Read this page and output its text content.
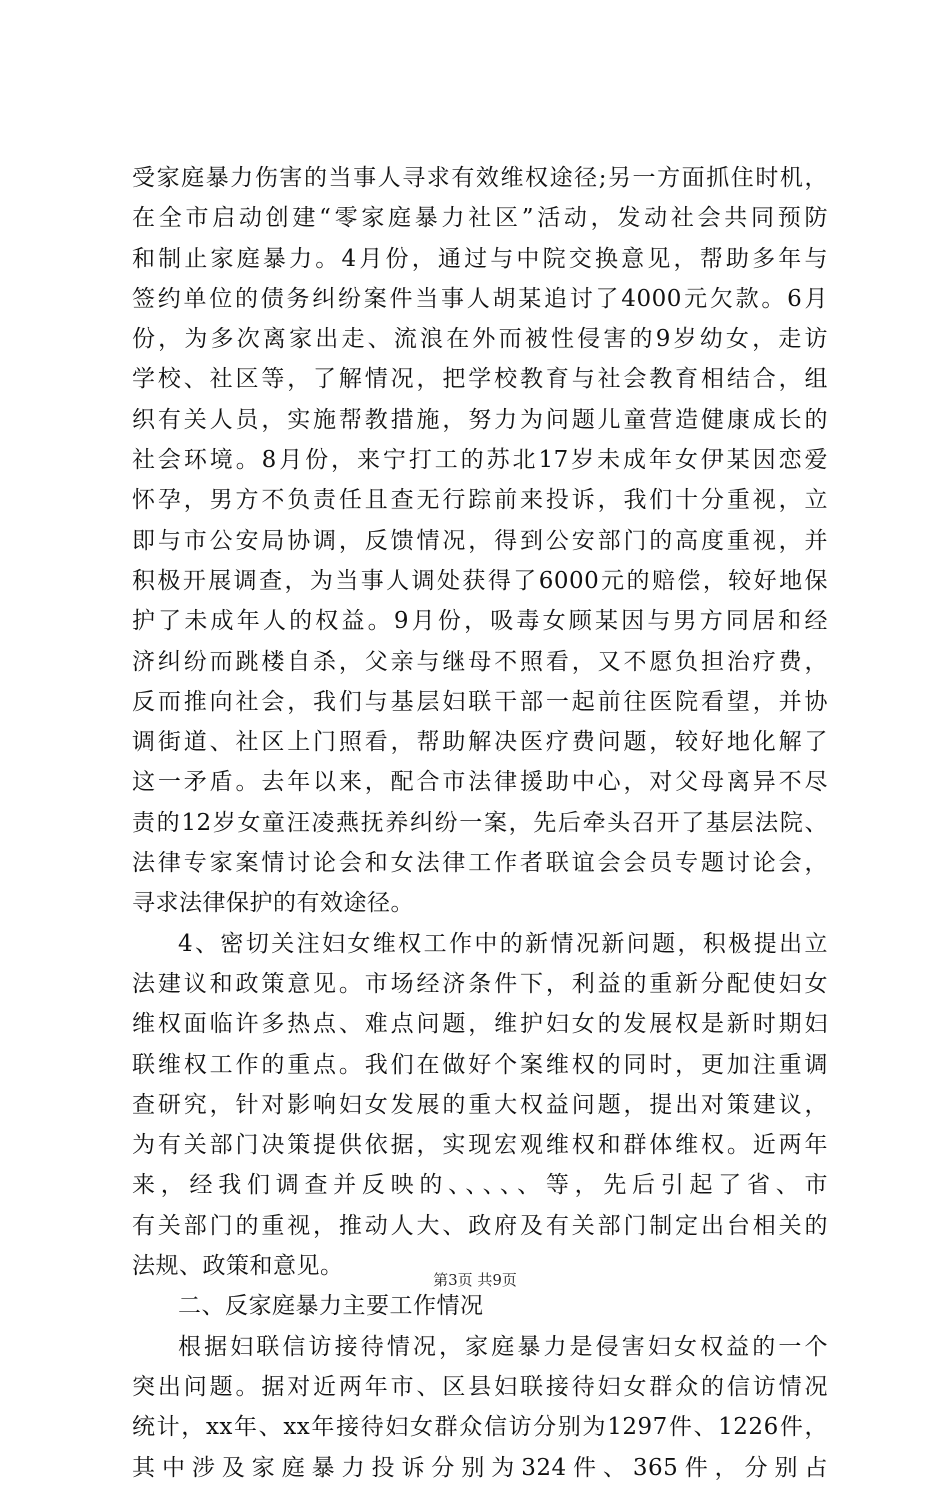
受家庭暴力伤害的当事人寻求有效维权途径;另一方面抓住时机，
在全市启动创建“零家庭暴力社区”活动，发动社会共同预防
和制止家庭暴力。4月份，通过与中院交换意见，帮助多年与
签约单位的债务纠纷案件当事人胡某追讨了4000元欠款。6月
份，为多次离家出走、流浪在外而被性侵害的9岁幼女，走访
学校、社区等，了解情况，把学校教育与社会教育相结合，组
织有关人员，实施帮教措施，努力为问题儿童营造健康成长的
社会环境。8月份，来宁打工的苏北17岁未成年女伊某因恋爱
怀孕，男方不负责任且查无行踪前来投诉，我们十分重视，立
即与市公安局协调，反馈情况，得到公安部门的高度重视，并
积极开展调查，为当事人调处获得了6000元的赔偿，较好地保
护了未成年人的权益。9月份，吸毒女顾某因与男方同居和经
济纠纷而跳楼自杀，父亲与继母不照看，又不愿负担治疗费，
反而推向社会，我们与基层妇联干部一起前往医院看望，并协
调街道、社区上门照看，帮助解决医疗费问题，较好地化解了
这一矛盾。去年以来，配合市法律援助中心，对父母离异不尽
责的12岁女童汪凌燕抚养纠纷一案，先后牵头召开了基层法院、
法律专家案情讨论会和女法律工作者联谊会会员专题讨论会，
寻求法律保护的有效途径。
4、密切关注妇女维权工作中的新情况新问题，积极提出立
法建议和政策意见。市场经济条件下，利益的重新分配使妇女
维权面临许多热点、难点问题，维护妇女的发展权是新时期妇
联维权工作的重点。我们在做好个案维权的同时，更加注重调
查研究，针对影响妇女发展的重大权益问题，提出对策建议，
为有关部门决策提供依据，实现宏观维权和群体维权。近两年
来，经我们调查并反映的、、、、、等，先后引起了省、市
有关部门的重视，推动人大、政府及有关部门制定出台相关的
法规、政策和意见。
二、反家庭暴力主要工作情况
根据妇联信访接待情况，家庭暴力是侵害妇女权益的一个
突出问题。据对近两年市、区县妇联接待妇女群众的信访情况
统计，xx年、xx年接待妇女群众信访分别为1297件、1226件，
其中涉及家庭暴力投诉分别为324件、365件，分别占
第3页 共9页
